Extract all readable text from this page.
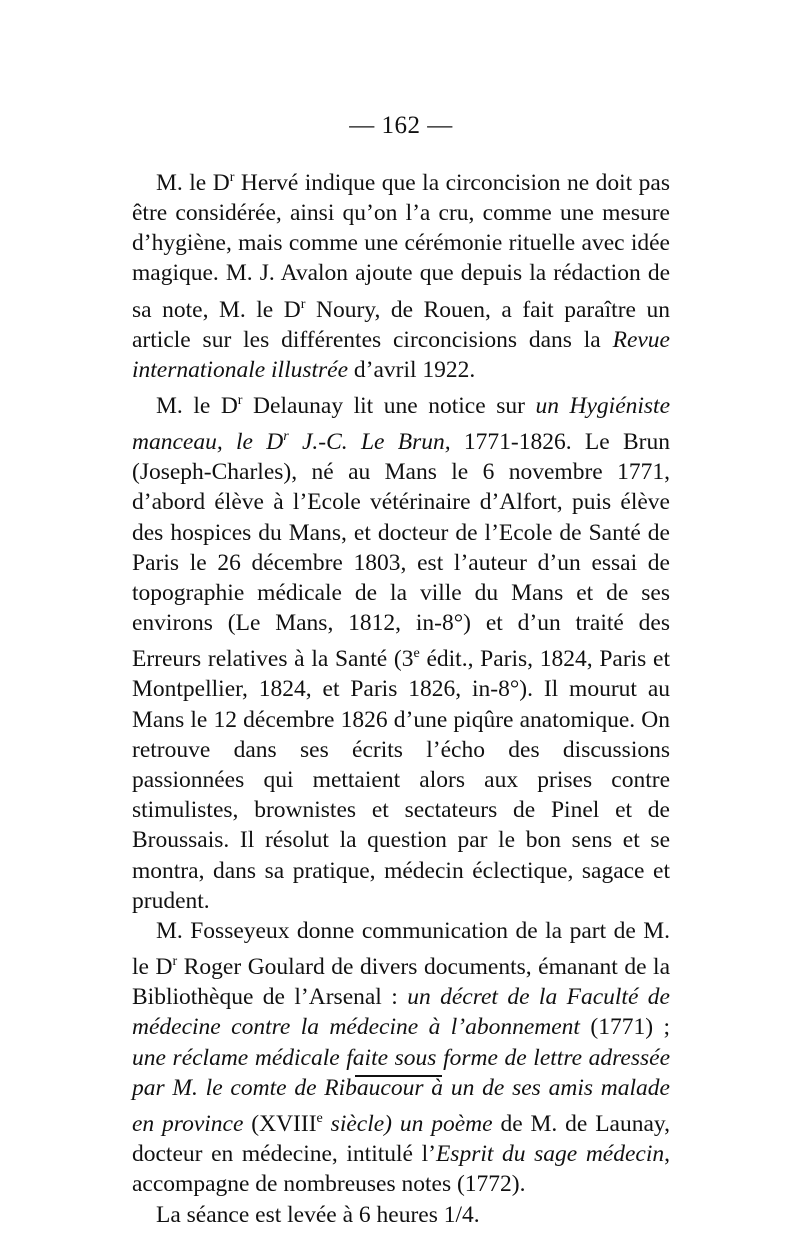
— 162 —

M. le $D^r$ Hervé indique que la circoncision ne doit pas être considérée, ainsi qu’on l’a cru, comme une mesure d’hygiène, mais comme une cérémonie rituelle avec idée magique. M. J. Avalon ajoute que depuis la rédaction de sa note, M. le $D^r$ Noury, de Rouen, a fait paraître un article sur les différentes circoncisions dans la Revue internationale illustrée d’avril 1922.

M. le $D^r$ Delaunay lit une notice sur un Hygiéniste manceau, le $D^r$ J.-C. Le Brun, 1771-1826. Le Brun (Joseph-Charles), né au Mans le 6 novembre 1771, d’abord élève à l’Ecole vétérinaire d’Alfort, puis élève des hospices du Mans, et docteur de l’Ecole de Santé de Paris le 26 décembre 1803, est l’auteur d’un essai de topographie médicale de la ville du Mans et de ses environs (Le Mans, 1812, in-8°) et d’un traité des Erreurs relatives à la Santé (3e édit., Paris, 1824, Paris et Montpellier, 1824, et Paris 1826, in-8°). Il mourut au Mans le 12 décembre 1826 d’une piqûre anatomique. On retrouve dans ses écrits l’écho des discussions passionnées qui mettaient alors aux prises contre stimulistes, brownistes et sectateurs de Pinel et de Broussais. Il résolut la question par le bon sens et se montra, dans sa pratique, médecin éclectique, sagace et prudent.

M. Fosseyeux donne communication de la part de M. le $D^r$ Roger Goulard de divers documents, émanant de la Bibliothèque de l’Arsenal : un décret de la Faculté de médecine contre la médecine à l’abonnement (1771) ; une réclame médicale faite sous forme de lettre adressée par M. le comte de Ribaucour à un de ses amis malade en province (XVIIIe siècle) un poème de M. de Launay, docteur en médecine, intitulé l’Esprit du sage médecin, accompagne de nombreuses notes (1772).

La séance est levée à 6 heures 1/4.
